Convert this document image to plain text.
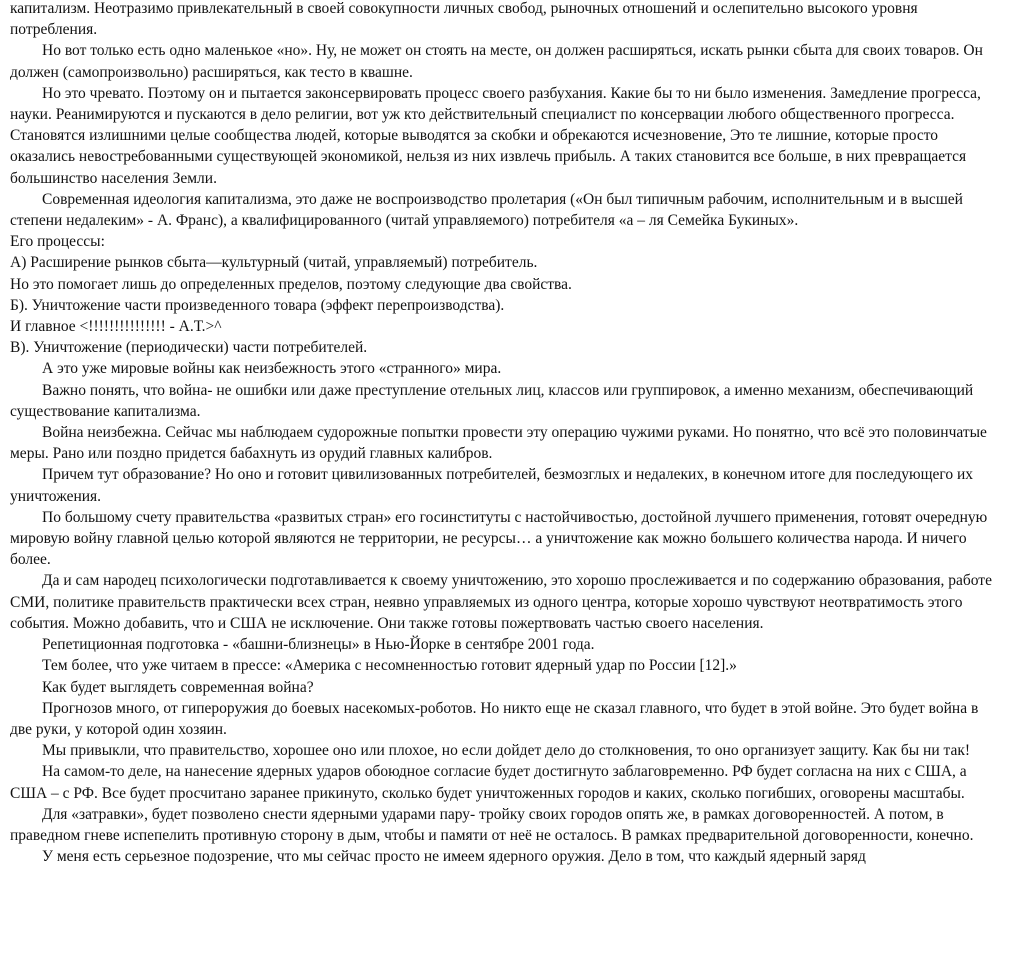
капитализм. Неотразимо привлекательный в своей совокупности личных свобод, рыночных отношений и ослепительно высокого уровня потребления.

Но вот только есть одно маленькое «но». Ну, не может он стоять на месте, он должен расширяться, искать рынки сбыта для своих товаров. Он должен (самопроизвольно) расширяться, как тесто в квашне.

Но это чревато. Поэтому он и пытается законсервировать процесс своего разбухания. Какие бы то ни было изменения. Замедление прогресса, науки. Реанимируются и пускаются в дело религии, вот уж кто действительный специалист по консервации любого общественного прогресса. Становятся излишними целые сообщества людей, которые выводятся за скобки и обрекаются исчезновение, Это те лишние, которые просто оказались невостребованными существующей экономикой, нельзя из них извлечь прибыль. А таких становится все больше, в них превращается большинство населения Земли.

Современная идеология капитализма, это даже не воспроизводство пролетария («Он был типичным рабочим, исполнительным и в высшей степени недалеким» - А. Франс), а квалифицированного (читай управляемого) потребителя «а – ля Семейка Букиных».

Его процессы:

А) Расширение рынков сбыта—культурный (читай, управляемый) потребитель.

Но это помогает лишь до определенных пределов, поэтому следующие два свойства.

Б). Уничтожение части произведенного товара (эффект перепроизводства).

И главное <!!!!!!!!!!!!!!! - А.Т.>^

В). Уничтожение (периодически) части потребителей.

А это уже мировые войны как неизбежность этого «странного» мира.

Важно понять, что война- не ошибки или даже преступление отельных лиц, классов или группировок, а именно механизм, обеспечивающий существование капитализма.

Война неизбежна. Сейчас мы наблюдаем судорожные попытки провести эту операцию чужими руками. Но понятно, что всё это половинчатые меры. Рано или поздно придется бабахнуть из орудий главных калибров.

Причем тут образование? Но оно и готовит цивилизованных потребителей, безмозглых и недалеких, в конечном итоге для последующего их уничтожения.

По большому счету правительства «развитых стран» его госинституты с настойчивостью, достойной лучшего применения, готовят очередную мировую войну главной целью которой являются не территории, не ресурсы… а уничтожение как можно большего количества народа. И ничего более.

Да и сам народец психологически подготавливается к своему уничтожению, это хорошо прослеживается и по содержанию образования, работе СМИ, политике правительств практически всех стран, неявно управляемых из одного центра, которые хорошо чувствуют неотвратимость этого события. Можно добавить, что и США не исключение. Они также готовы пожертвовать частью своего населения.

Репетиционная подготовка - «башни-близнецы» в Нью-Йорке в сентябре 2001 года.

Тем более, что уже читаем в прессе: «Америка с несомненностью готовит ядерный удар по России [12].»

Как будет выглядеть современная война?

Прогнозов много, от гипероружия до боевых насекомых-роботов. Но никто еще не сказал главного, что будет в этой войне. Это будет война в две руки, у которой один хозяин.

Мы привыкли, что правительство, хорошее оно или плохое, но если дойдет дело до столкновения, то оно организует защиту. Как бы ни так!

На самом-то деле, на нанесение ядерных ударов обоюдное согласие будет достигнуто заблаговременно. РФ будет согласна на них с США, а США – с РФ. Все будет просчитано заранее прикинуто, сколько будет уничтоженных городов и каких, сколько погибших, оговорены масштабы.

Для «затравки», будет позволено снести ядерными ударами пару- тройку своих городов опять же, в рамках договоренностей. А потом, в праведном гневе испепелить противную сторону в дым, чтобы и памяти от неё не осталось. В рамках предварительной договоренности, конечно.

У меня есть серьезное подозрение, что мы сейчас просто не имеем ядерного оружия. Дело в том, что каждый ядерный заряд
